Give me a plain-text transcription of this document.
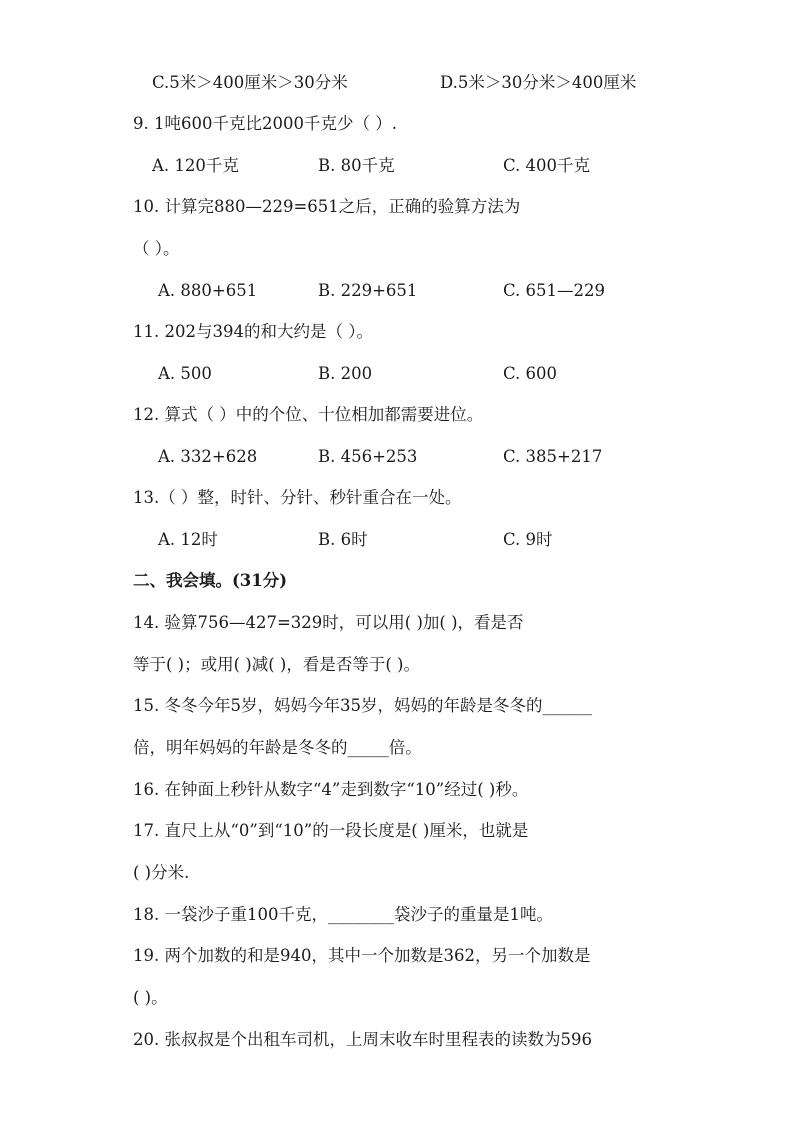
C.5米＞400厘米＞30分米	D.5米＞30分米＞400厘米
9. 1吨600千克比2000千克少（ ）.
A. 120千克	B. 80千克	C. 400千克
10. 计算完880—229=651之后，正确的验算方法为
（ ）。
A. 880+651	B. 229+651	C. 651—229
11. 202与394的和大约是（ ）。
A. 500	B. 200	C. 600
12. 算式（ ）中的个位、十位相加都需要进位。
A. 332+628	B. 456+253	C. 385+217
13.（ ）整，时针、分针、秒针重合在一处。
A. 12时	B. 6时	C. 9时
二、我会填。(31分)
14. 验算756—427=329时，可以用( )加( )，看是否
等于( )；或用( )减( )，看是否等于( )。
15. 冬冬今年5岁，妈妈今年35岁，妈妈的年龄是冬冬的______
倍，明年妈妈的年龄是冬冬的_____倍。
16. 在钟面上秒针从数字“4”走到数字“10”经过( )秒。
17. 直尺上从“0”到“10”的一段长度是( )厘米，也就是
( )分米.
18. 一袋沙子重100千克，________袋沙子的重量是1吨。
19. 两个加数的和是940，其中一个加数是362，另一个加数是
( )。
20. 张叔叔是个出租车司机，上周末收车时里程表的读数为596
